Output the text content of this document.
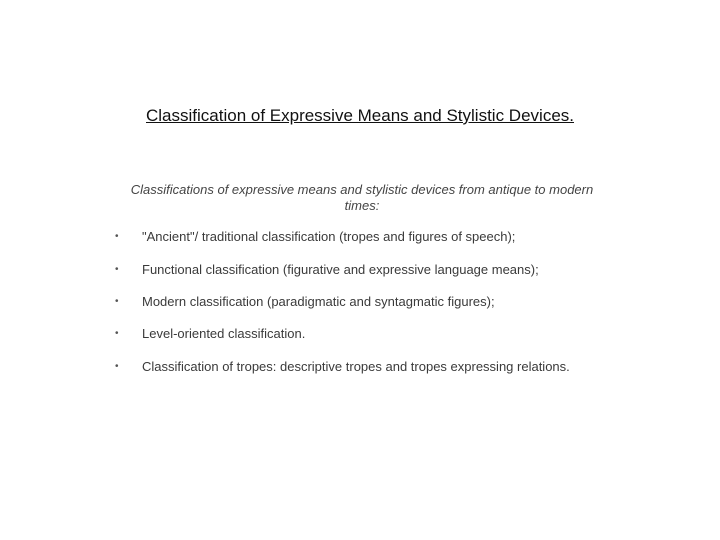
Classification of Expressive Means and Stylistic Devices.
Classifications of expressive means and stylistic devices from antique to modern times:
• "Ancient"/ traditional classification (tropes and figures of speech);
• Functional classification (figurative and expressive language means);
• Modern classification (paradigmatic and syntagmatic figures);
• Level-oriented classification.
• Classification of tropes: descriptive tropes and tropes expressing relations.
